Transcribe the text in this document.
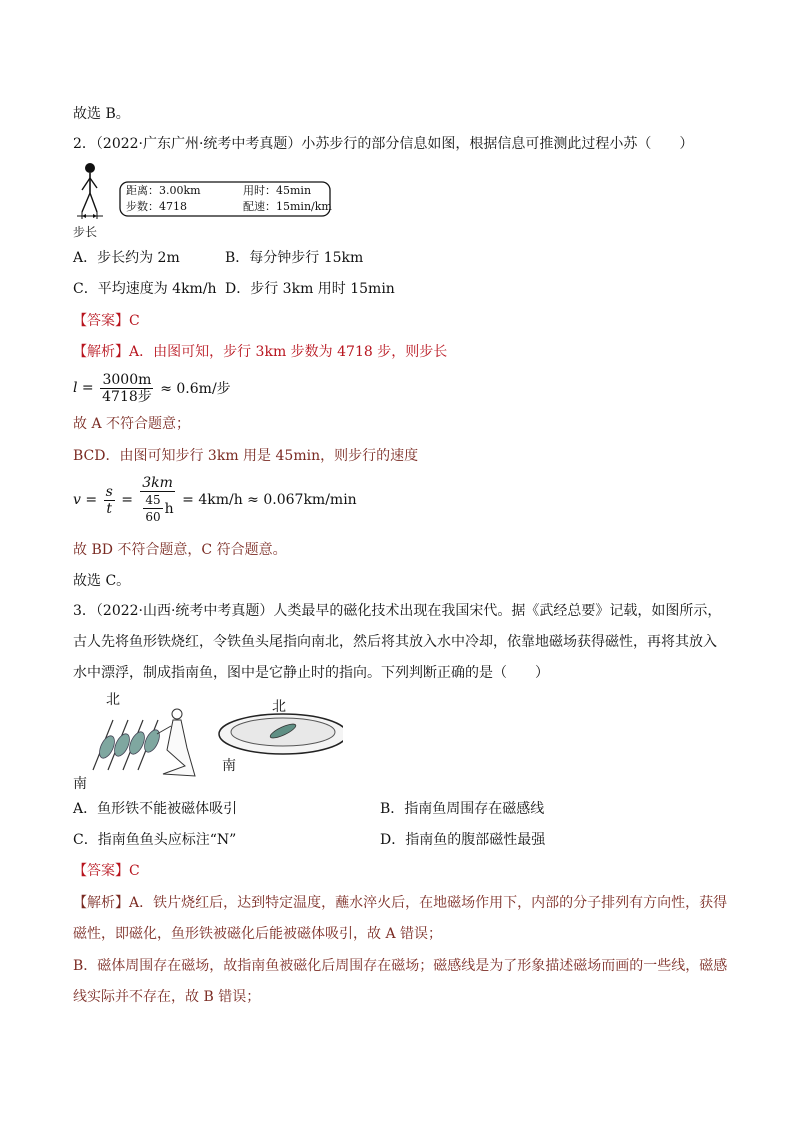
故选 B。
2．（2022·广东广州·统考中考真题）小苏步行的部分信息如图，根据信息可推测此过程小苏（　　）
步长
距离：3.00km
步数：4718
用时：45min
配速：15min/km
A．步长约为 2m	B．每分钟步行 15km
C．平均速度为 4km/h D．步行 3km 用时 15min
【答案】C
【解析】A．由图可知，步行 3km 步数为 4718 步，则步长
$l = \frac{3000m}{\text{4718步}}$
≈ 0.6m/步
故 A 不符合题意；
BCD．由图可知步行 3km 用是 45min，则步行的速度
$v = \frac{s}{t} = \frac{3km}{\frac{45}{60} h}$
= 4km/h ≈ 0.067km/min
故 BD 不符合题意，C 符合题意。
故选 C。
3．（2022·山西·统考中考真题）人类最早的磁化技术出现在我国宋代。据《武经总要》记载，如图所示，
古人先将鱼形铁烧红，令铁鱼头尾指向南北，然后将其放入水中冷却，依靠地磁场获得磁性，再将其放入
水中漂浮，制成指南鱼，图中是它静止时的指向。下列判断正确的是（　　）
北
南
北
南
A．鱼形铁不能被磁体吸引	B．指南鱼周围存在磁感线
C．指南鱼鱼头应标注“N”	D．指南鱼的腹部磁性最强
【答案】C
【解析】A．铁片烧红后，达到特定温度，蘸水淬火后，在地磁场作用下，内部的分子排列有方向性，获得
磁性，即磁化，鱼形铁被磁化后能被磁体吸引，故 A 错误；
B．磁体周围存在磁场，故指南鱼被磁化后周围存在磁场；磁感线是为了形象描述磁场而画的一些线，磁感
线实际并不存在，故 B 错误；
